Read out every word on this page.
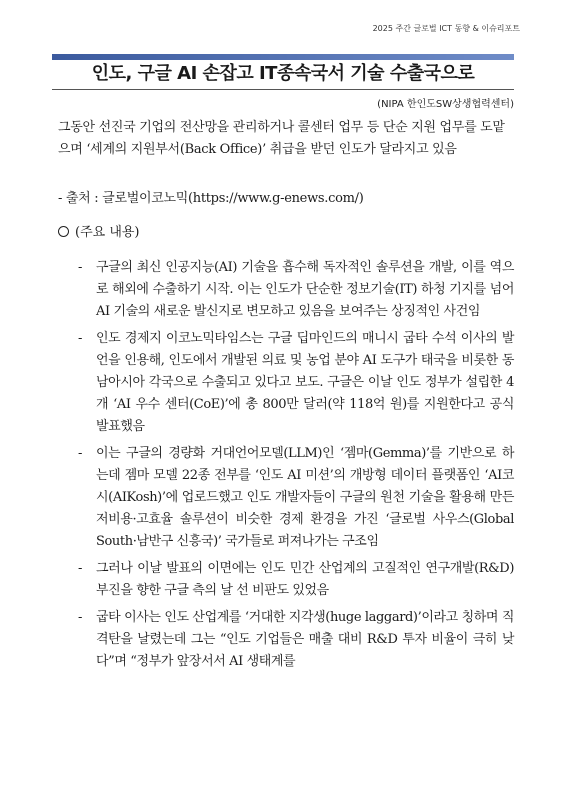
2025 주간 글로벌 ICT 동향 & 이슈리포트
인도, 구글 AI 손잡고 IT종속국서 기술 수출국으로
(NIPA 한인도SW상생협력센터)

그동안 선진국 기업의 전산망을 관리하거나 콜센터 업무 등 단순 지원 업무를 도맡으며 ‘세계의 지원부서(Back Office)’ 취급을 받던 인도가 달라지고 있음

- 출처 : 글로벌이코노믹(https://www.g-enews.com/)
(주요 내용)
- 구글의 최신 인공지능(AI) 기술을 흡수해 독자적인 솔루션을 개발, 이를 역으로 해외에 수출하기 시작. 이는 인도가 단순한 정보기술(IT) 하청 기지를 넘어 AI 기술의 새로운 발신지로 변모하고 있음을 보여주는 상징적인 사건임
- 인도 경제지 이코노믹타임스는 구글 딥마인드의 매니시 굽타 수석 이사의 발언을 인용해, 인도에서 개발된 의료 및 농업 분야 AI 도구가 태국을 비롯한 동남아시아 각국으로 수출되고 있다고 보도. 구글은 이날 인도 정부가 설립한 4개 ‘AI 우수 센터(CoE)’에 총 800만 달러(약 118억 원)를 지원한다고 공식 발표했음
- 이는 구글의 경량화 거대언어모델(LLM)인 ‘젬마(Gemma)’를 기반으로 하는데 젬마 모델 22종 전부를 ‘인도 AI 미션’의 개방형 데이터 플랫폼인 ‘AI코시(AIKosh)’에 업로드했고 인도 개발자들이 구글의 원천 기술을 활용해 만든 저비용·고효율 솔루션이 비슷한 경제 환경을 가진 ‘글로벌 사우스(Global South·남반구 신흥국)’ 국가들로 퍼져나가는 구조임
- 그러나 이날 발표의 이면에는 인도 민간 산업계의 고질적인 연구개발(R&D) 부진을 향한 구글 측의 날 선 비판도 있었음
- 굽타 이사는 인도 산업계를 ‘거대한 지각생(huge laggard)’이라고 칭하며 직격탄을 날렸는데 그는 “인도 기업들은 매출 대비 R&D 투자 비율이 극히 낮다”며 “정부가 앞장서서 AI 생태계를
